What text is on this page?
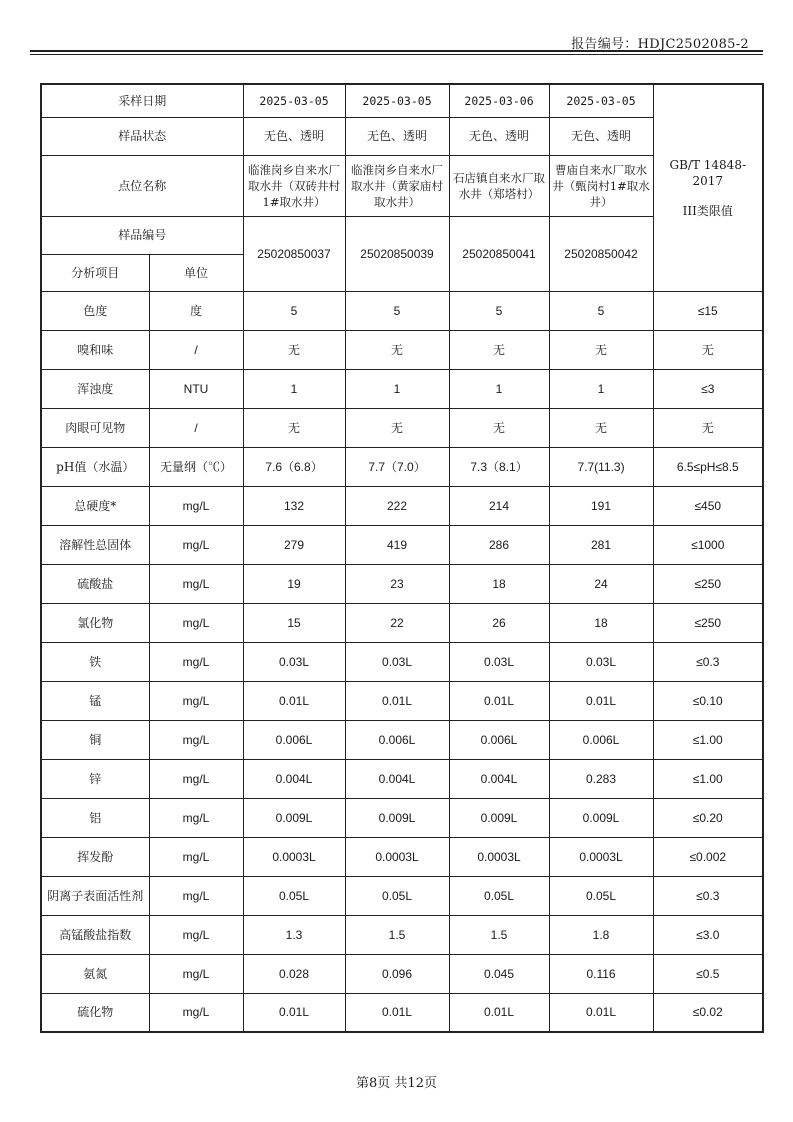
报告编号：HDJC2502085-2
采样日期		2025-03-05	2025-03-05	2025-03-06	2025-03-05	GB/T 14848-
2017
III类限值

样品状态		无色、透明	无色、透明	无色、透明	无色、透明	
点位名称		临淮岗乡自来水厂取水井（双砖井村1#取水井）	临淮岗乡自来水厂取水井（黄家庙村取水井）	石店镇自来水厂取水井（郑塔村）	曹庙自来水厂取水井（甄岗村1#取水井）	
样品编号		25020850037	25020850039	25020850041	25020850042	
分析项目	单位					
色度	度	5	5	5	5	≤15
嗅和味	/	无	无	无	无	无
浑浊度	NTU	1	1	1	1	≤3
肉眼可见物	/	无	无	无	无	无
pH值（水温）	无量纲（℃）	7.6（6.8）	7.7（7.0）	7.3（8.1）	7.7(11.3)	6.5≤pH≤8.5
总硬度*	mg/L	132	222	214	191	≤450
溶解性总固体	mg/L	279	419	286	281	≤1000
硫酸盐	mg/L	19	23	18	24	≤250
氯化物	mg/L	15	22	26	18	≤250
铁	mg/L	0.03L	0.03L	0.03L	0.03L	≤0.3
锰	mg/L	0.01L	0.01L	0.01L	0.01L	≤0.10
铜	mg/L	0.006L	0.006L	0.006L	0.006L	≤1.00
锌	mg/L	0.004L	0.004L	0.004L	0.283	≤1.00
铝	mg/L	0.009L	0.009L	0.009L	0.009L	≤0.20
挥发酚	mg/L	0.0003L	0.0003L	0.0003L	0.0003L	≤0.002
阴离子表面活性剂	mg/L	0.05L	0.05L	0.05L	0.05L	≤0.3
高锰酸盐指数	mg/L	1.3	1.5	1.5	1.8	≤3.0
氨氮	mg/L	0.028	0.096	0.045	0.116	≤0.5
硫化物	mg/L	0.01L	0.01L	0.01L	0.01L	≤0.02
第8页 共12页
